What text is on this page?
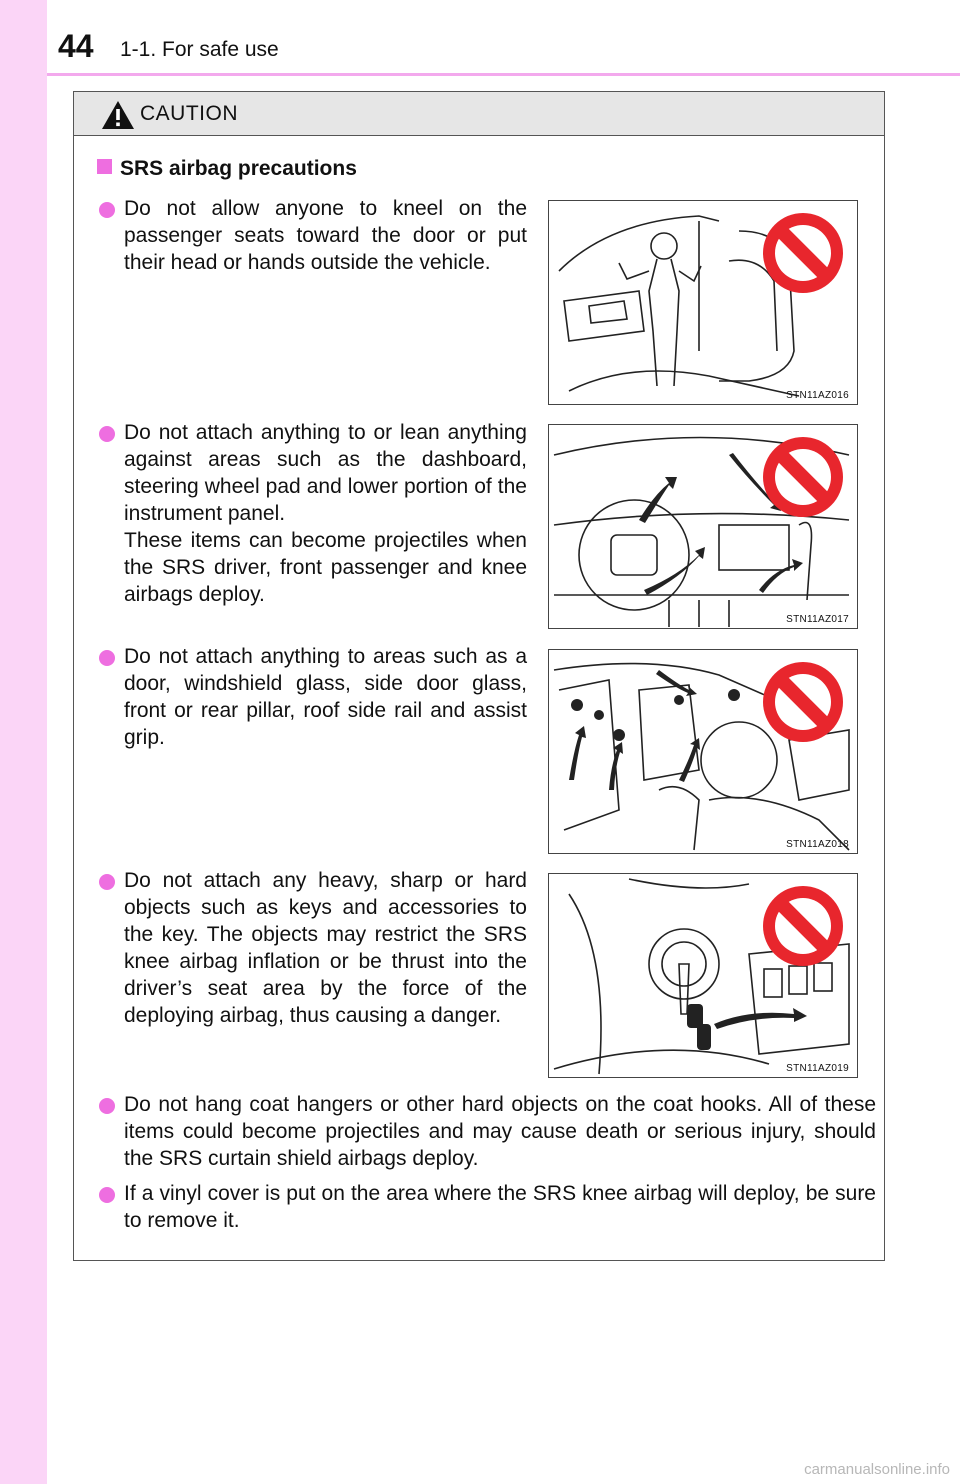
44 1-1. For safe use
CAUTION
SRS airbag precautions

Do not allow anyone to kneel on the passenger seats toward the door or put their head or hands outside the vehicle.

STN11AZ016

Do not attach anything to or lean anything against areas such as the dashboard, steering wheel pad and lower portion of the instrument panel.

These items can become projectiles when the SRS driver, front passenger and knee airbags deploy.

STN11AZ017

Do not attach anything to areas such as a door, windshield glass, side door glass, front or rear pillar, roof side rail and assist grip.

STN11AZ018

Do not attach any heavy, sharp or hard objects such as keys and accessories to the key. The objects may restrict the SRS knee airbag inflation or be thrust into the driver’s seat area by the force of the deploying airbag, thus causing a danger.

STN11AZ019

Do not hang coat hangers or other hard objects on the coat hooks. All of these items could become projectiles and may cause death or serious injury, should the SRS curtain shield airbags deploy.

If a vinyl cover is put on the area where the SRS knee airbag will deploy, be sure to remove it.

carmanualsonline.info
